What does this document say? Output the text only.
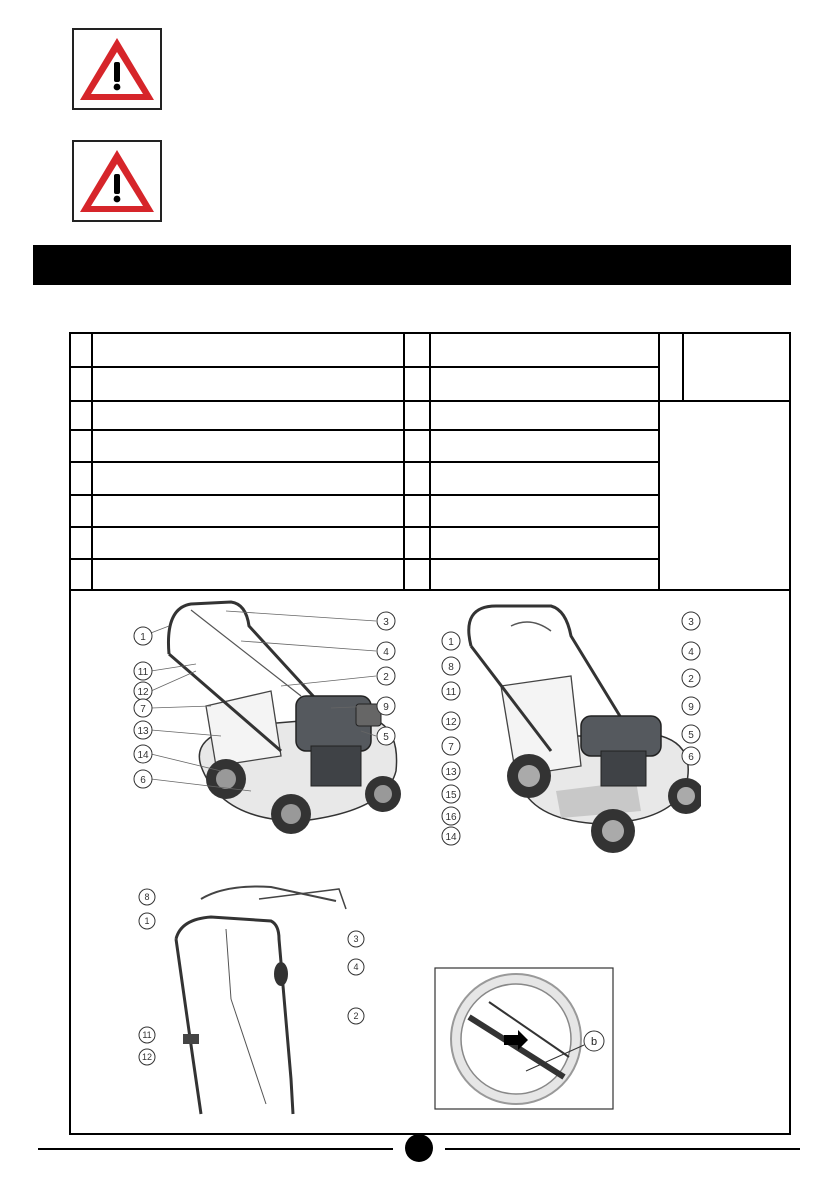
3
4
2
9
5
1
11
12
7
13
14
6
1
8
11
12
7
13
15
16
14
3
4
2
9
5
6
8
1
3
4
2
11
12
b
